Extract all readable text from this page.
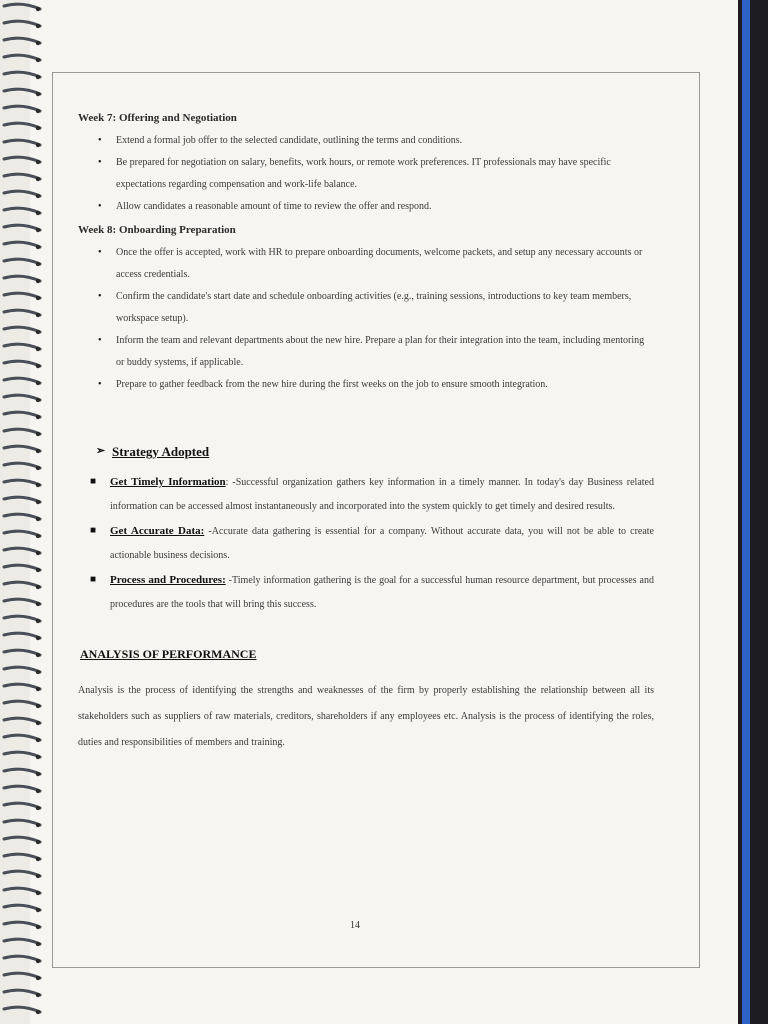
Week 7: Offering and Negotiation
• Extend a formal job offer to the selected candidate, outlining the terms and conditions.
• Be prepared for negotiation on salary, benefits, work hours, or remote work preferences. IT professionals may have specific expectations regarding compensation and work-life balance.
• Allow candidates a reasonable amount of time to review the offer and respond.
Week 8: Onboarding Preparation
• Once the offer is accepted, work with HR to prepare onboarding documents, welcome packets, and setup any necessary accounts or access credentials.
• Confirm the candidate's start date and schedule onboarding activities (e.g., training sessions, introductions to key team members, workspace setup).
• Inform the team and relevant departments about the new hire. Prepare a plan for their integration into the team, including mentoring or buddy systems, if applicable.
• Prepare to gather feedback from the new hire during the first weeks on the job to ensure smooth integration.
➢ Strategy Adopted
■ Get Timely Information: -Successful organization gathers key information in a timely manner. In today's day Business related information can be accessed almost instantaneously and incorporated into the system quickly to get timely and desired results.
■ Get Accurate Data: -Accurate data gathering is essential for a company. Without accurate data, you will not be able to create actionable business decisions.
■ Process and Procedures: -Timely information gathering is the goal for a successful human resource department, but processes and procedures are the tools that will bring this success.
ANALYSIS OF PERFORMANCE
Analysis is the process of identifying the strengths and weaknesses of the firm by properly establishing the relationship between all its stakeholders such as suppliers of raw materials, creditors, shareholders if any employees etc. Analysis is the process of identifying the roles, duties and responsibilities of members and training.
14
